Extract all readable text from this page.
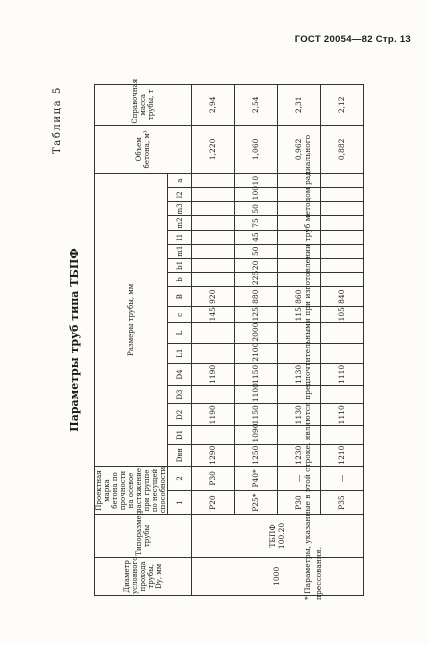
ГОСТ 20054—82 Стр. 13
Таблица 5
Параметры труб типа ТБПФ
Диаметр условного прохода трубы, Dу, мм	Типоразмер трубы	Проектная марка бетона по прочности на осевое растяжение при группе по несущей способности		Размеры трубы, мм																	Объем бетона, м³	Справочная масса трубы, т
		1	2	Dвн	D1	D2	D3	D4	L1	L	c	B	b	b1	m1	l1	m2	m3	l2	a		
1000	ТБПФ 100.20	Р20	Р30	1290		1190		1190			145	920									1,220	2,94
		Р25*	Р40*	1250	1090	1150	1100	1150	2100	2000	125	880	225	20	50	45	75	50	100	10	1,060	2,54
		Р30	—	1230		1130		1130			115	860									0,962	2,31
		Р35	—	1210		1110		1110			105	840									0,882	2,12
* Параметры, указанные в этой строке, являются предпочтительными при изготовлении труб методом радиального прессования.
